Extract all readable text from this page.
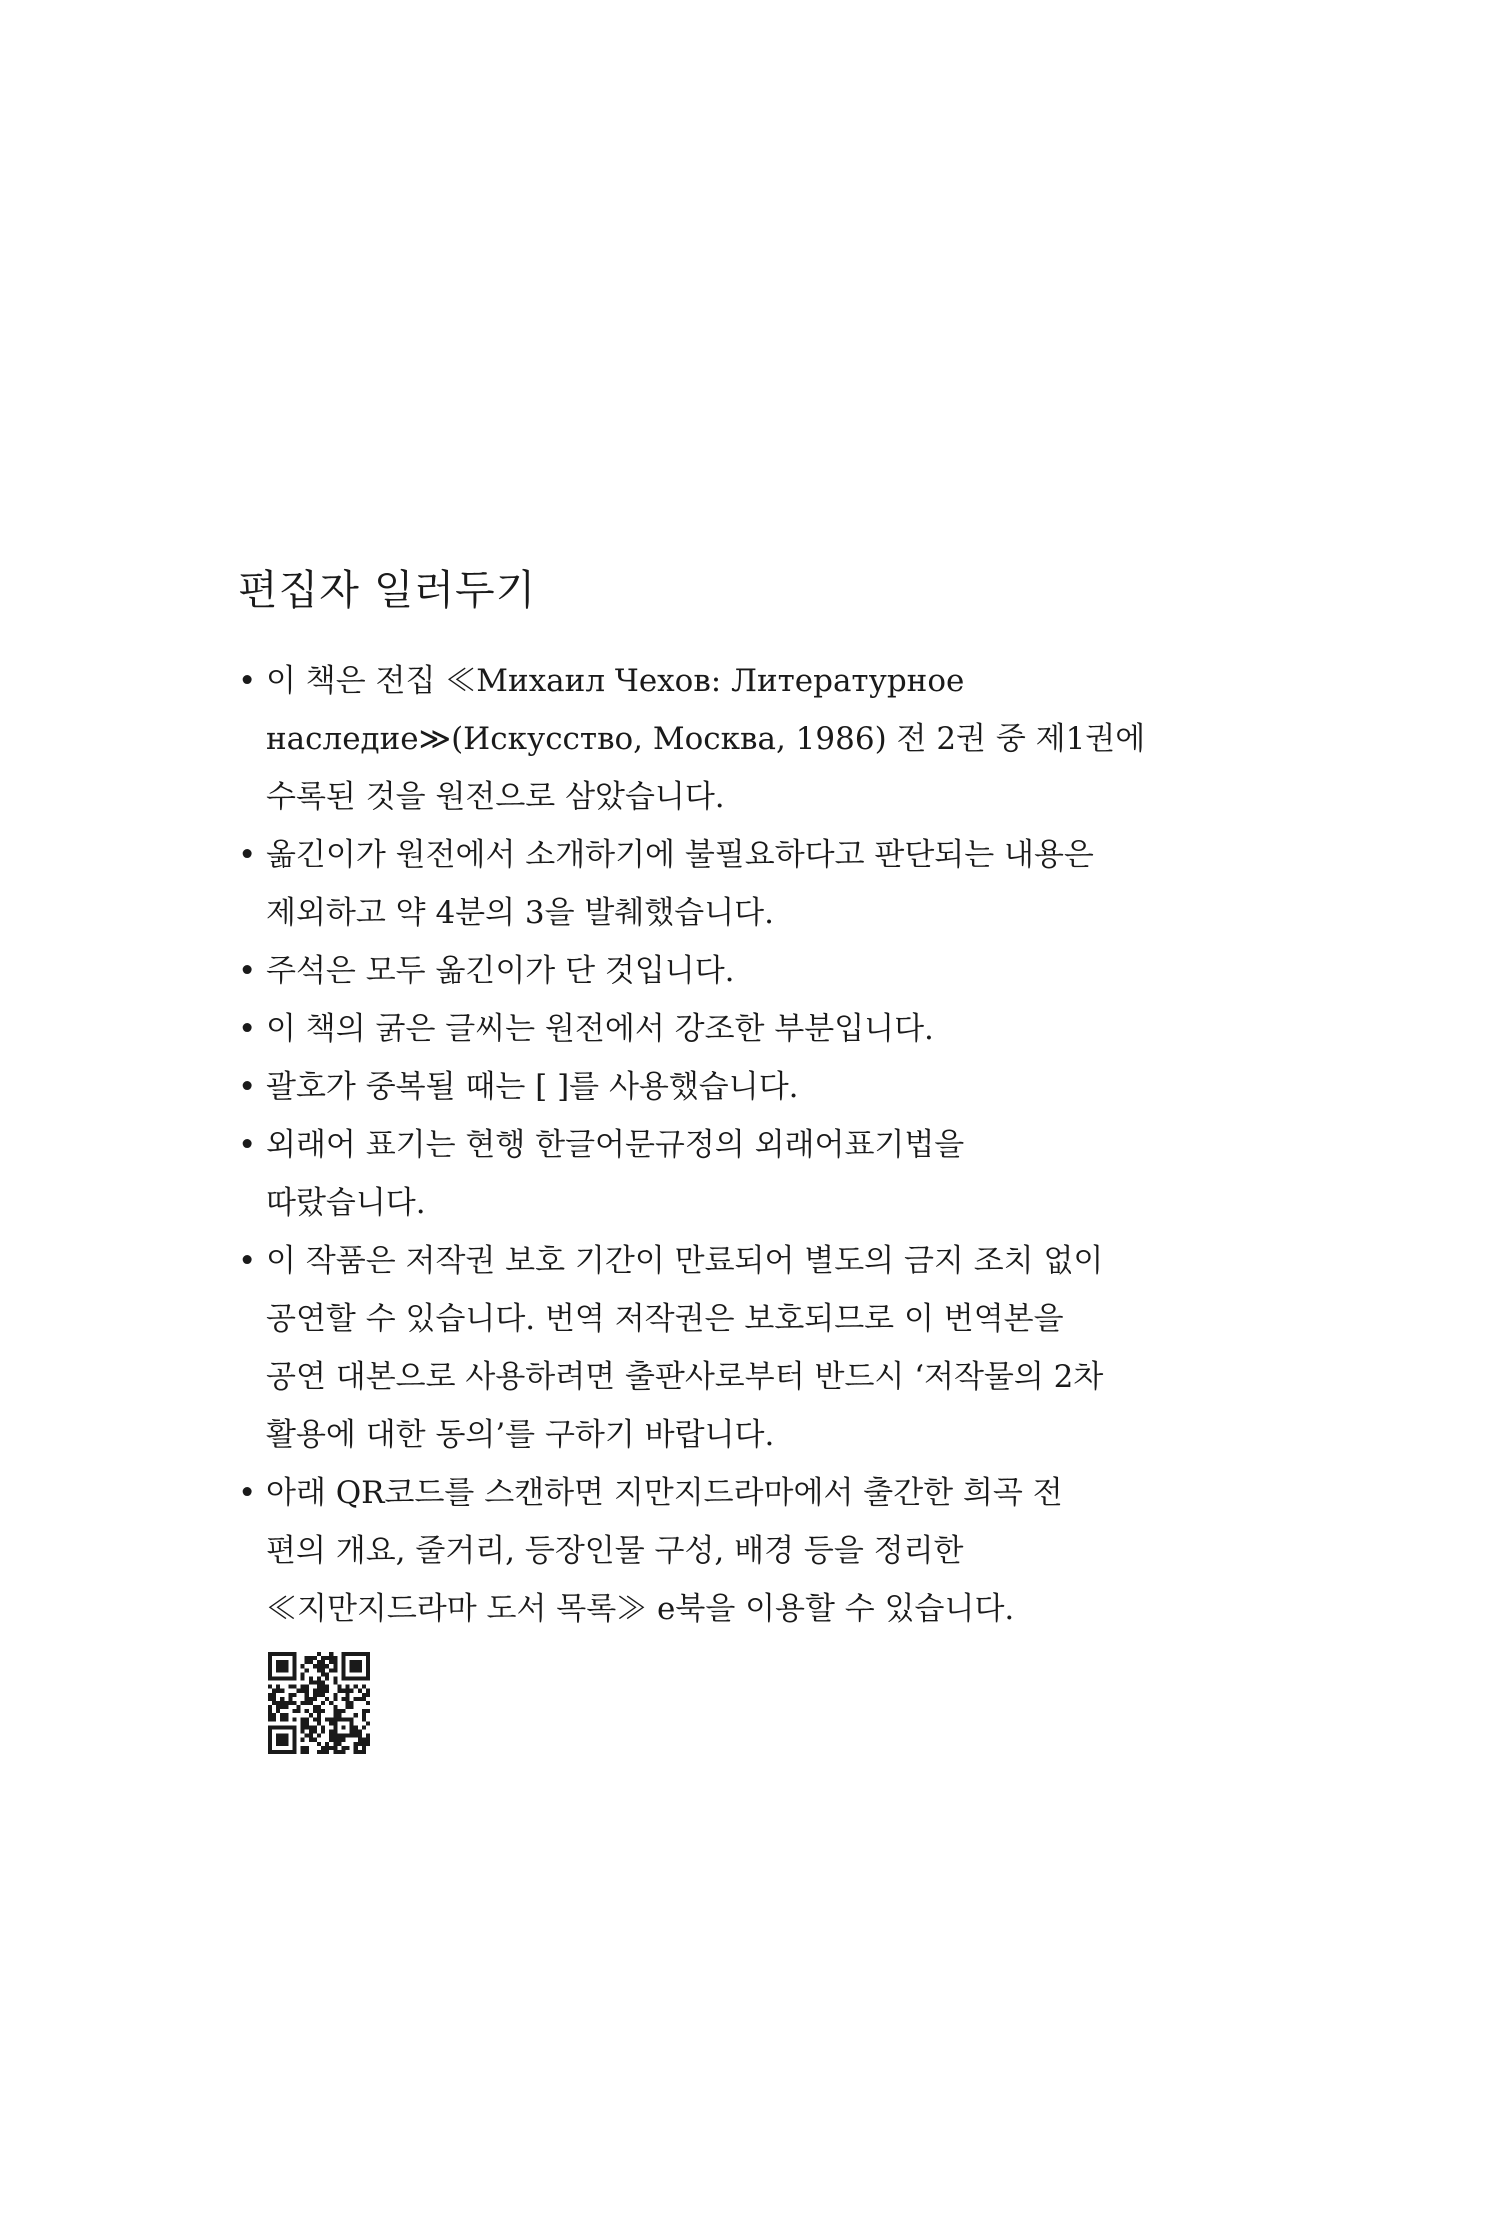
편집자 일러두기
• 이 책은 전집 ≪Михаил Чехов: Литературное
наследие≫(Искусство, Москва, 1986) 전 2권 중 제1권에
수록된 것을 원전으로 삼았습니다.
• 옮긴이가 원전에서 소개하기에 불필요하다고 판단되는 내용은
제외하고 약 4분의 3을 발췌했습니다.
• 주석은 모두 옮긴이가 단 것입니다.
• 이 책의 굵은 글씨는 원전에서 강조한 부분입니다.
• 괄호가 중복될 때는 [ ]를 사용했습니다.
• 외래어 표기는 현행 한글어문규정의 외래어표기법을
따랐습니다.
• 이 작품은 저작권 보호 기간이 만료되어 별도의 금지 조치 없이
공연할 수 있습니다. 번역 저작권은 보호되므로 이 번역본을
공연 대본으로 사용하려면 출판사로부터 반드시 ‘저작물의 2차
활용에 대한 동의’를 구하기 바랍니다.
• 아래 QR코드를 스캔하면 지만지드라마에서 출간한 희곡 전
편의 개요, 줄거리, 등장인물 구성, 배경 등을 정리한
≪지만지드라마 도서 목록≫ e북을 이용할 수 있습니다.
